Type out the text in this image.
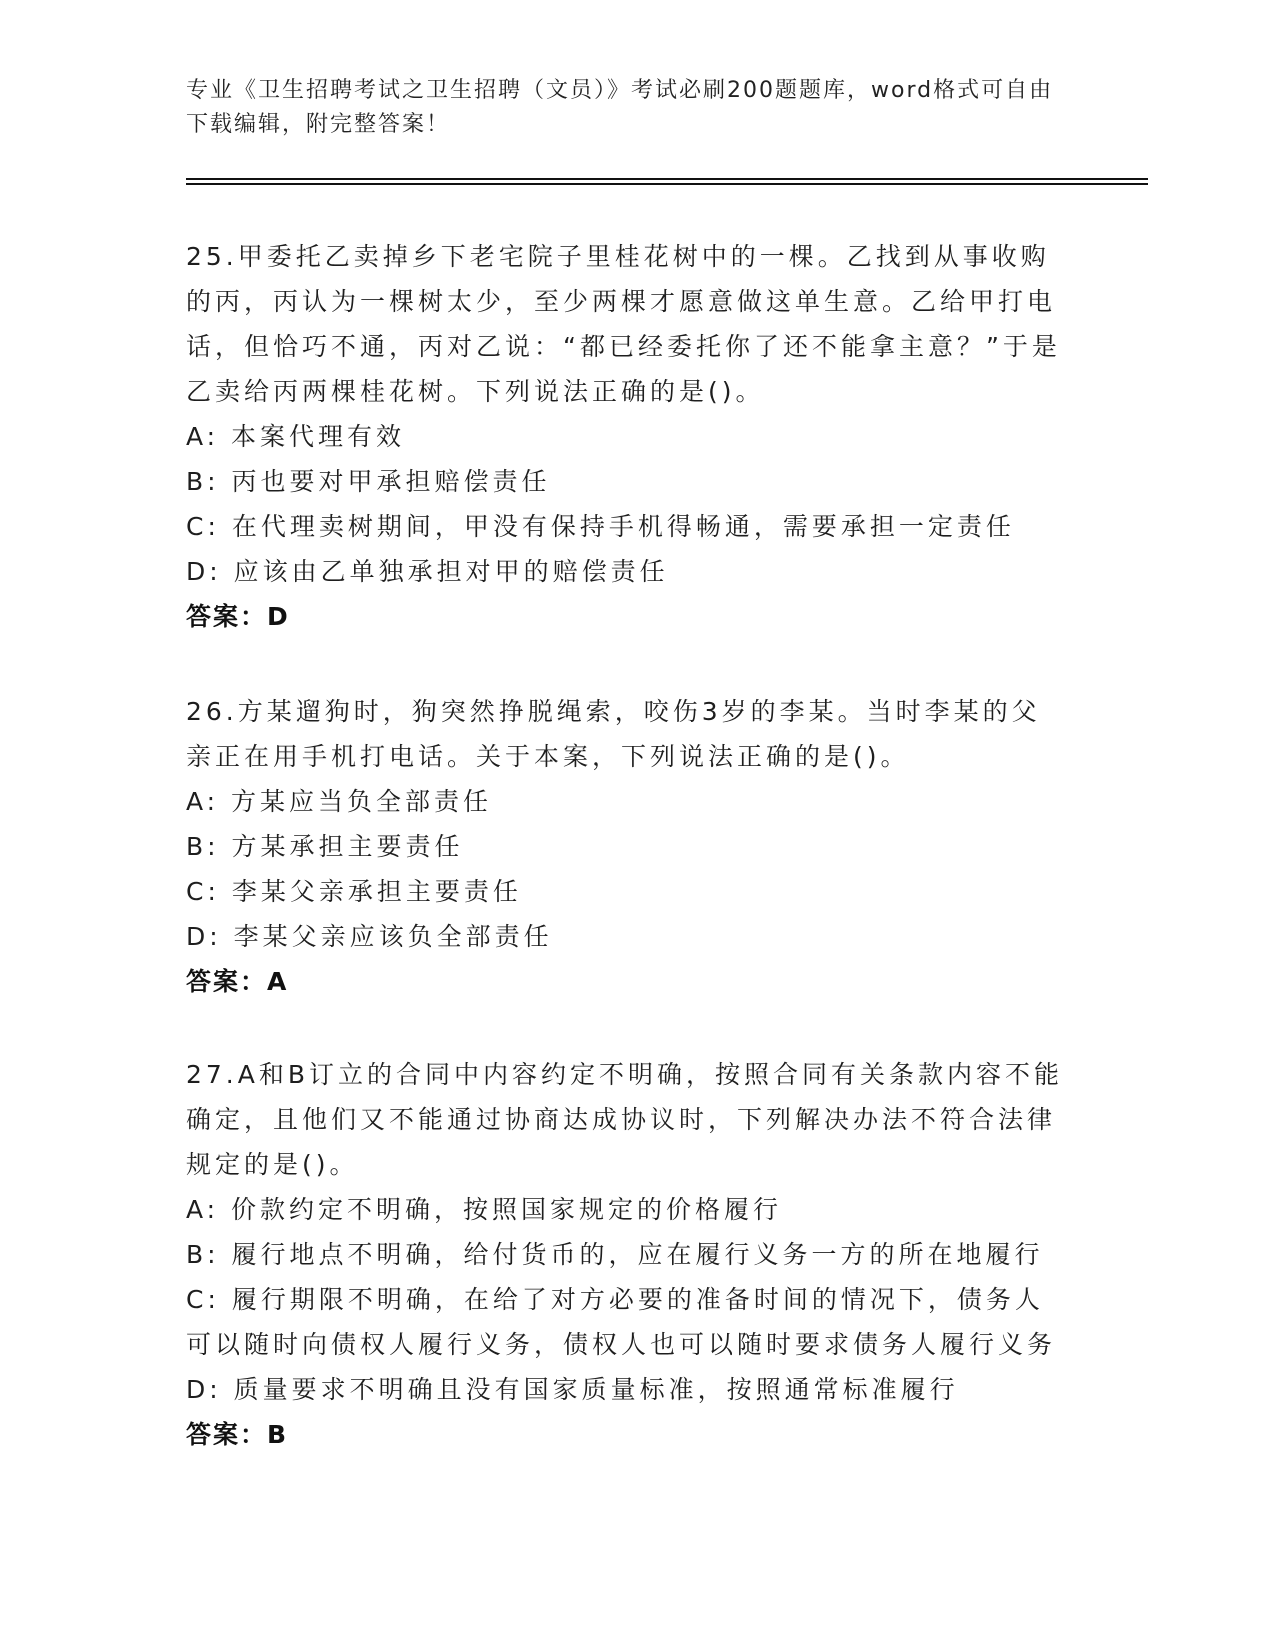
专业《卫生招聘考试之卫生招聘（文员）》考试必刷200题题库，word格式可自由下载编辑，附完整答案！

25.甲委托乙卖掉乡下老宅院子里桂花树中的一棵。乙找到从事收购的丙，丙认为一棵树太少，至少两棵才愿意做这单生意。乙给甲打电话，但恰巧不通，丙对乙说：“都已经委托你了还不能拿主意？”于是乙卖给丙两棵桂花树。下列说法正确的是()。

A: 本案代理有效

B: 丙也要对甲承担赔偿责任

C: 在代理卖树期间，甲没有保持手机得畅通，需要承担一定责任

D: 应该由乙单独承担对甲的赔偿责任

答案：D

26.方某遛狗时，狗突然挣脱绳索，咬伤3岁的李某。当时李某的父亲正在用手机打电话。关于本案，下列说法正确的是()。

A: 方某应当负全部责任

B: 方某承担主要责任

C: 李某父亲承担主要责任

D: 李某父亲应该负全部责任

答案：A

27.A和B订立的合同中内容约定不明确，按照合同有关条款内容不能确定，且他们又不能通过协商达成协议时，下列解决办法不符合法律规定的是()。

A: 价款约定不明确，按照国家规定的价格履行

B: 履行地点不明确，给付货币的，应在履行义务一方的所在地履行

C: 履行期限不明确，在给了对方必要的准备时间的情况下，债务人可以随时向债权人履行义务，债权人也可以随时要求债务人履行义务

D: 质量要求不明确且没有国家质量标准，按照通常标准履行

答案：B
